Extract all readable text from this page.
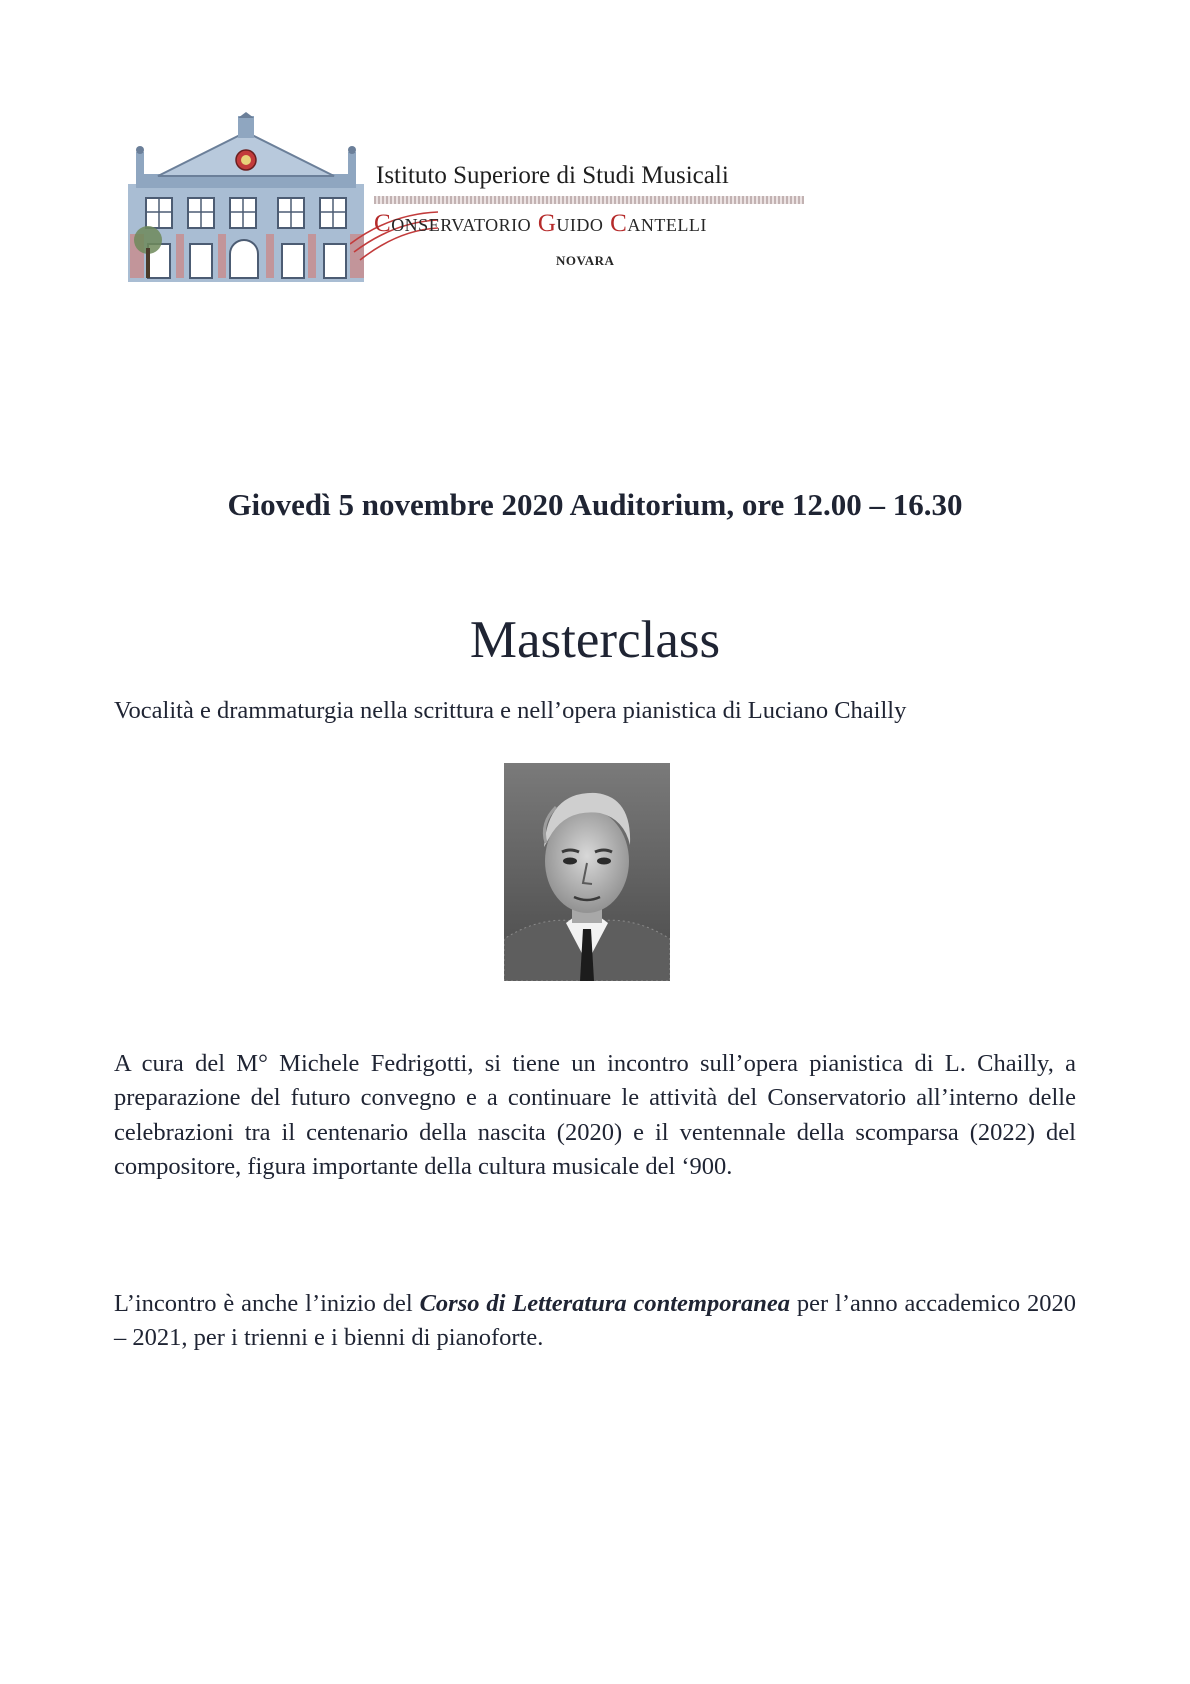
Istituto Superiore di Studi Musicali
Conservatorio Guido Cantelli
NOVARA
Giovedì 5 novembre 2020 Auditorium, ore 12.00 – 16.30
Masterclass
Vocalità e drammaturgia nella scrittura e nell’opera pianistica di Luciano Chailly

A cura del M° Michele Fedrigotti, si tiene un incontro sull’opera pianistica di L. Chailly, a preparazione del futuro convegno e a continuare le attività del Conservatorio all’interno delle celebrazioni tra il centenario della nascita (2020) e il ventennale della scomparsa (2022) del compositore, figura importante della cultura musicale del ‘900.

L’incontro è anche l’inizio del Corso di Letteratura contemporanea per l’anno accademico 2020 – 2021, per i trienni e i bienni di pianoforte.
